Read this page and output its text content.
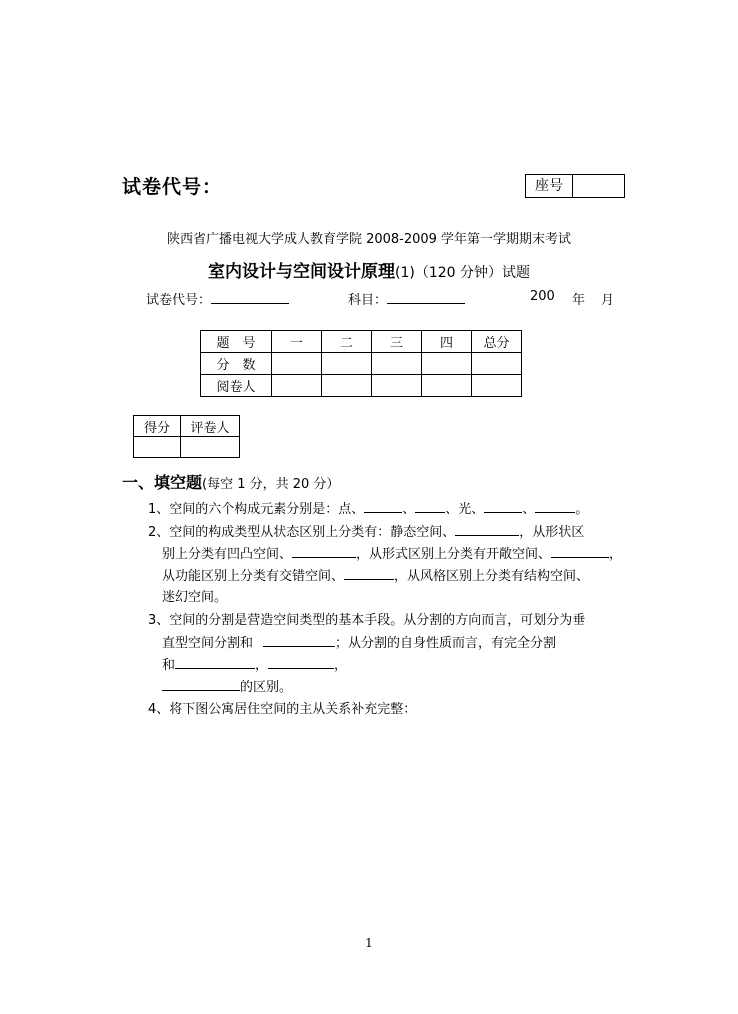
试卷代号：	座号
陕西省广播电视大学成人教育学院 2008-2009 学年第一学期期末考试
室内设计与空间设计原理(1)（120 分钟）试题
试卷代号：	科目：	200 年 月
题　号	一	二	三	四	总分
分　数					
阅卷人					
得分	评卷人

一、填空题(每空 1 分，共 20 分）
1、空间的六个构成元素分别是：点、	、 、光、	、	。
2、空间的构成类型从状态区别上分类有：静态空间、	，从形状区
别上分类有凹凸空间、	，从形式区别上分类有开敞空间、	，
从功能区别上分类有交错空间、	，从风格区别上分类有结构空间、
迷幻空间。
3、空间的分割是营造空间类型的基本手段。从分割的方向而言，可划分为垂
直型空间分割和	；从分割的自身性质而言，有完全分割
和	，	，
的区别。
4、将下图公寓居住空间的主从关系补充完整：
1
